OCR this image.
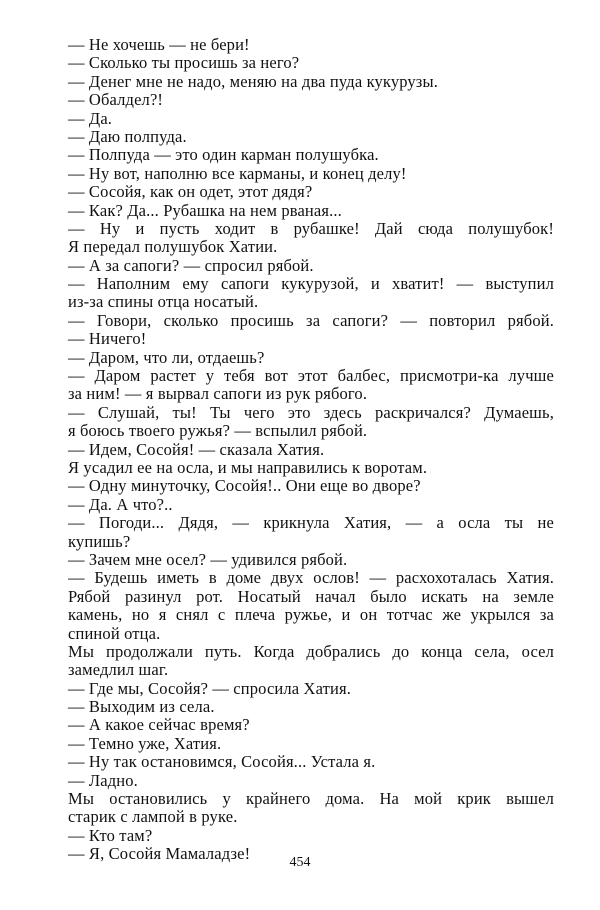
— Не хочешь — не бери!
— Сколько ты просишь за него?
— Денег мне не надо, меняю на два пуда кукурузы.
— Обалдел?!
— Да.
— Даю полпуда.
— Полпуда — это один карман полушубка.
— Ну вот, наполню все карманы, и конец делу!
— Сосойя, как он одет, этот дядя?
— Как? Да... Рубашка на нем рваная...
— Ну и пусть ходит в рубашке! Дай сюда полушубок!
Я передал полушубок Хатии.
— А за сапоги? — спросил рябой.
— Наполним ему сапоги кукурузой, и хватит! — выступил
из-за спины отца носатый.
— Говори, сколько просишь за сапоги? — повторил рябой.
— Ничего!
— Даром, что ли, отдаешь?
— Даром растет у тебя вот этот балбес, присмотри-ка лучше
за ним! — я вырвал сапоги из рук рябого.
— Слушай, ты! Ты чего это здесь раскричался? Думаешь,
я боюсь твоего ружья? — вспылил рябой.
— Идем, Сосойя! — сказала Хатия.
Я усадил ее на осла, и мы направились к воротам.
— Одну минуточку, Сосойя!.. Они еще во дворе?
— Да. А что?..
— Погоди... Дядя, — крикнула Хатия, — а осла ты не
купишь?
— Зачем мне осел? — удивился рябой.
— Будешь иметь в доме двух ослов! — расхохоталась Хатия.
Рябой разинул рот. Носатый начал было искать на земле
камень, но я снял с плеча ружье, и он тотчас же укрылся за
спиной отца.
Мы продолжали путь. Когда добрались до конца села, осел
замедлил шаг.
— Где мы, Сосойя? — спросила Хатия.
— Выходим из села.
— А какое сейчас время?
— Темно уже, Хатия.
— Ну так остановимся, Сосойя... Устала я.
— Ладно.
Мы остановились у крайнего дома. На мой крик вышел
старик с лампой в руке.
— Кто там?
— Я, Сосойя Мамаладзе!	454
